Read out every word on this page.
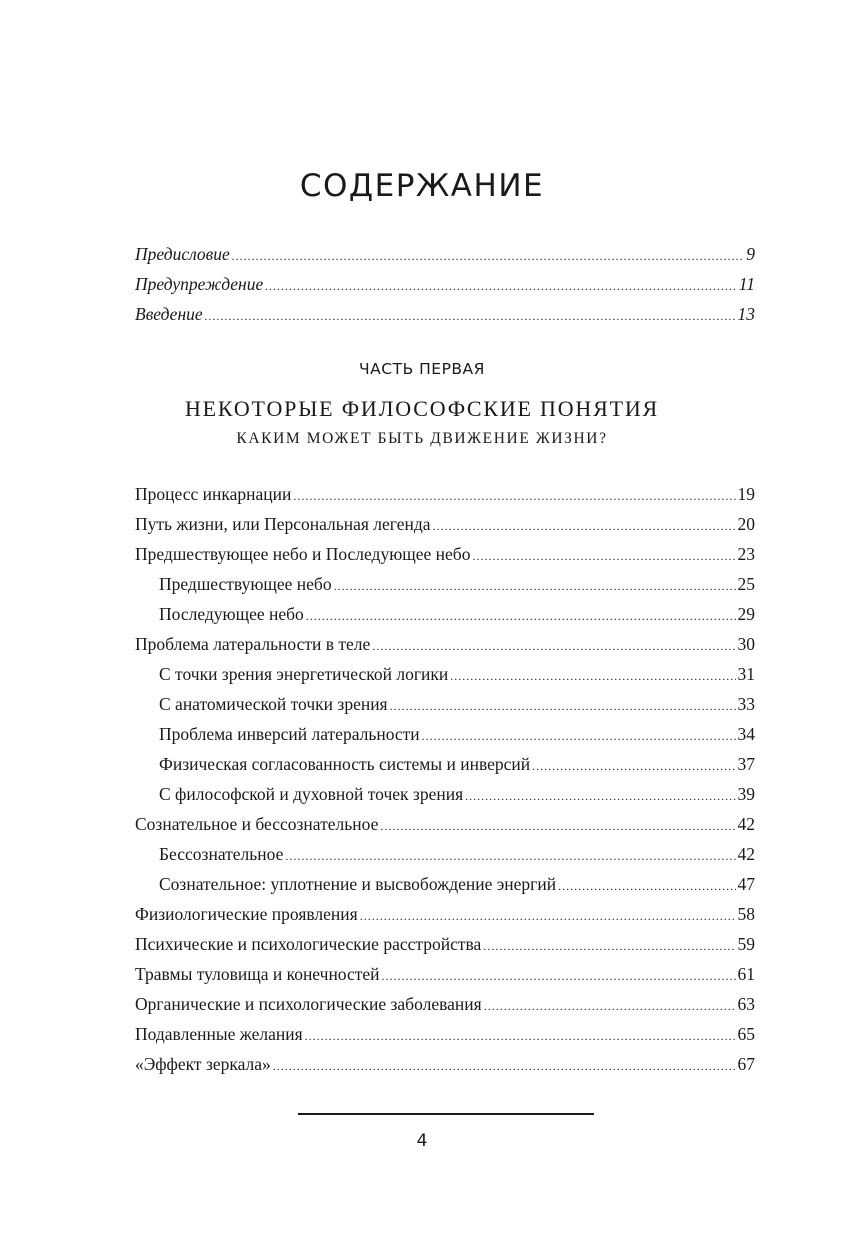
СОДЕРЖАНИЕ
Предисловие .....	9
Предупреждение .....	11
Введение .....	13
ЧАСТЬ ПЕРВАЯ
НЕКОТОРЫЕ ФИЛОСОФСКИЕ ПОНЯТИЯ
КАКИМ МОЖЕТ БЫТЬ ДВИЖЕНИЕ ЖИЗНИ?
Процесс инкарнации .....	19
Путь жизни, или Персональная легенда .....	20
Предшествующее небо и Последующее небо .....	23
Предшествующее небо .....	25
Последующее небо .....	29
Проблема латеральности в теле .....	30
С точки зрения энергетической логики .....	31
С анатомической точки зрения .....	33
Проблема инверсий латеральности .....	34
Физическая согласованность системы и инверсий .....	37
С философской и духовной точек зрения .....	39
Сознательное и бессознательное .....	42
Бессознательное .....	42
Сознательное: уплотнение и высвобождение энергий .....	47
Физиологические проявления .....	58
Психические и психологические расстройства .....	59
Травмы туловища и конечностей .....	61
Органические и психологические заболевания .....	63
Подавленные желания .....	65
«Эффект зеркала» .....	67
4
